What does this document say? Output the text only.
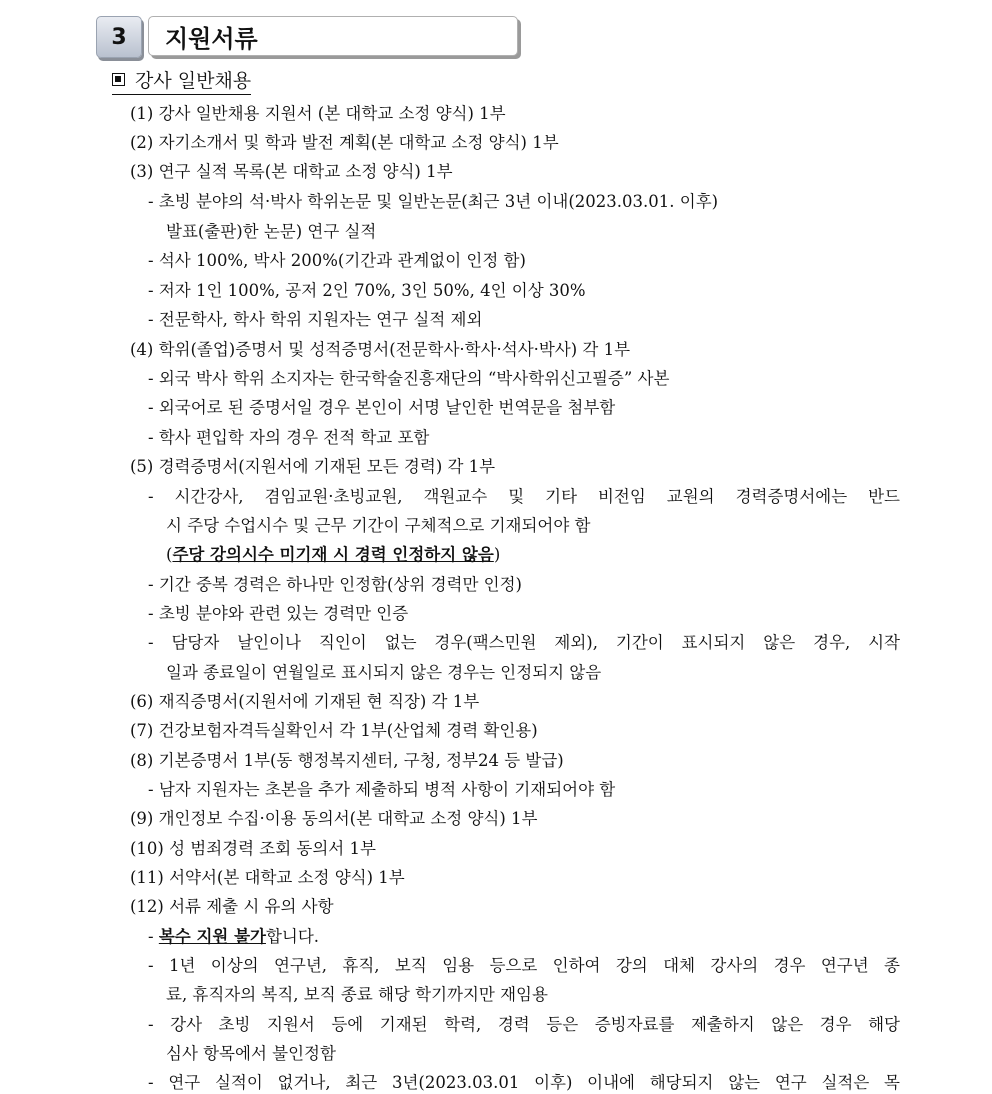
3	지원서류
강사 일반채용
(1) 강사 일반채용 지원서 (본 대학교 소정 양식) 1부
(2) 자기소개서 및 학과 발전 계획(본 대학교 소정 양식) 1부
(3) 연구 실적 목록(본 대학교 소정 양식) 1부
- 초빙 분야의 석·박사 학위논문 및 일반논문(최근 3년 이내(2023.03.01. 이후)
발표(출판)한 논문) 연구 실적
- 석사 100%, 박사 200%(기간과 관계없이 인정 함)
- 저자 1인 100%, 공저 2인 70%, 3인 50%, 4인 이상 30%
- 전문학사, 학사 학위 지원자는 연구 실적 제외
(4) 학위(졸업)증명서 및 성적증명서(전문학사·학사·석사·박사) 각 1부
- 외국 박사 학위 소지자는 한국학술진흥재단의 “박사학위신고필증” 사본
- 외국어로 된 증명서일 경우 본인이 서명 날인한 번역문을 첨부함
- 학사 편입학 자의 경우 전적 학교 포함
(5) 경력증명서(지원서에 기재된 모든 경력) 각 1부
- 시간강사, 겸임교원·초빙교원, 객원교수 및 기타 비전임 교원의 경력증명서에는 반드
시 주당 수업시수 및 근무 기간이 구체적으로 기재되어야 함
(주당 강의시수 미기재 시 경력 인정하지 않음)
- 기간 중복 경력은 하나만 인정함(상위 경력만 인정)
- 초빙 분야와 관련 있는 경력만 인증
- 담당자 날인이나 직인이 없는 경우(팩스민원 제외), 기간이 표시되지 않은 경우, 시작
일과 종료일이 연월일로 표시되지 않은 경우는 인정되지 않음
(6) 재직증명서(지원서에 기재된 현 직장) 각 1부
(7) 건강보험자격득실확인서 각 1부(산업체 경력 확인용)
(8) 기본증명서 1부(동 행정복지센터, 구청, 정부24 등 발급)
- 남자 지원자는 초본을 추가 제출하되 병적 사항이 기재되어야 함
(9) 개인정보 수집·이용 동의서(본 대학교 소정 양식) 1부
(10) 성 범죄경력 조회 동의서 1부
(11) 서약서(본 대학교 소정 양식) 1부
(12) 서류 제출 시 유의 사항
- 복수 지원 불가합니다.
- 1년 이상의 연구년, 휴직, 보직 임용 등으로 인하여 강의 대체 강사의 경우 연구년 종
료, 휴직자의 복직, 보직 종료 해당 학기까지만 재임용
- 강사 초빙 지원서 등에 기재된 학력, 경력 등은 증빙자료를 제출하지 않은 경우 해당
심사 항목에서 불인정함
- 연구 실적이 없거나, 최근 3년(2023.03.01 이후) 이내에 해당되지 않는 연구 실적은 목
